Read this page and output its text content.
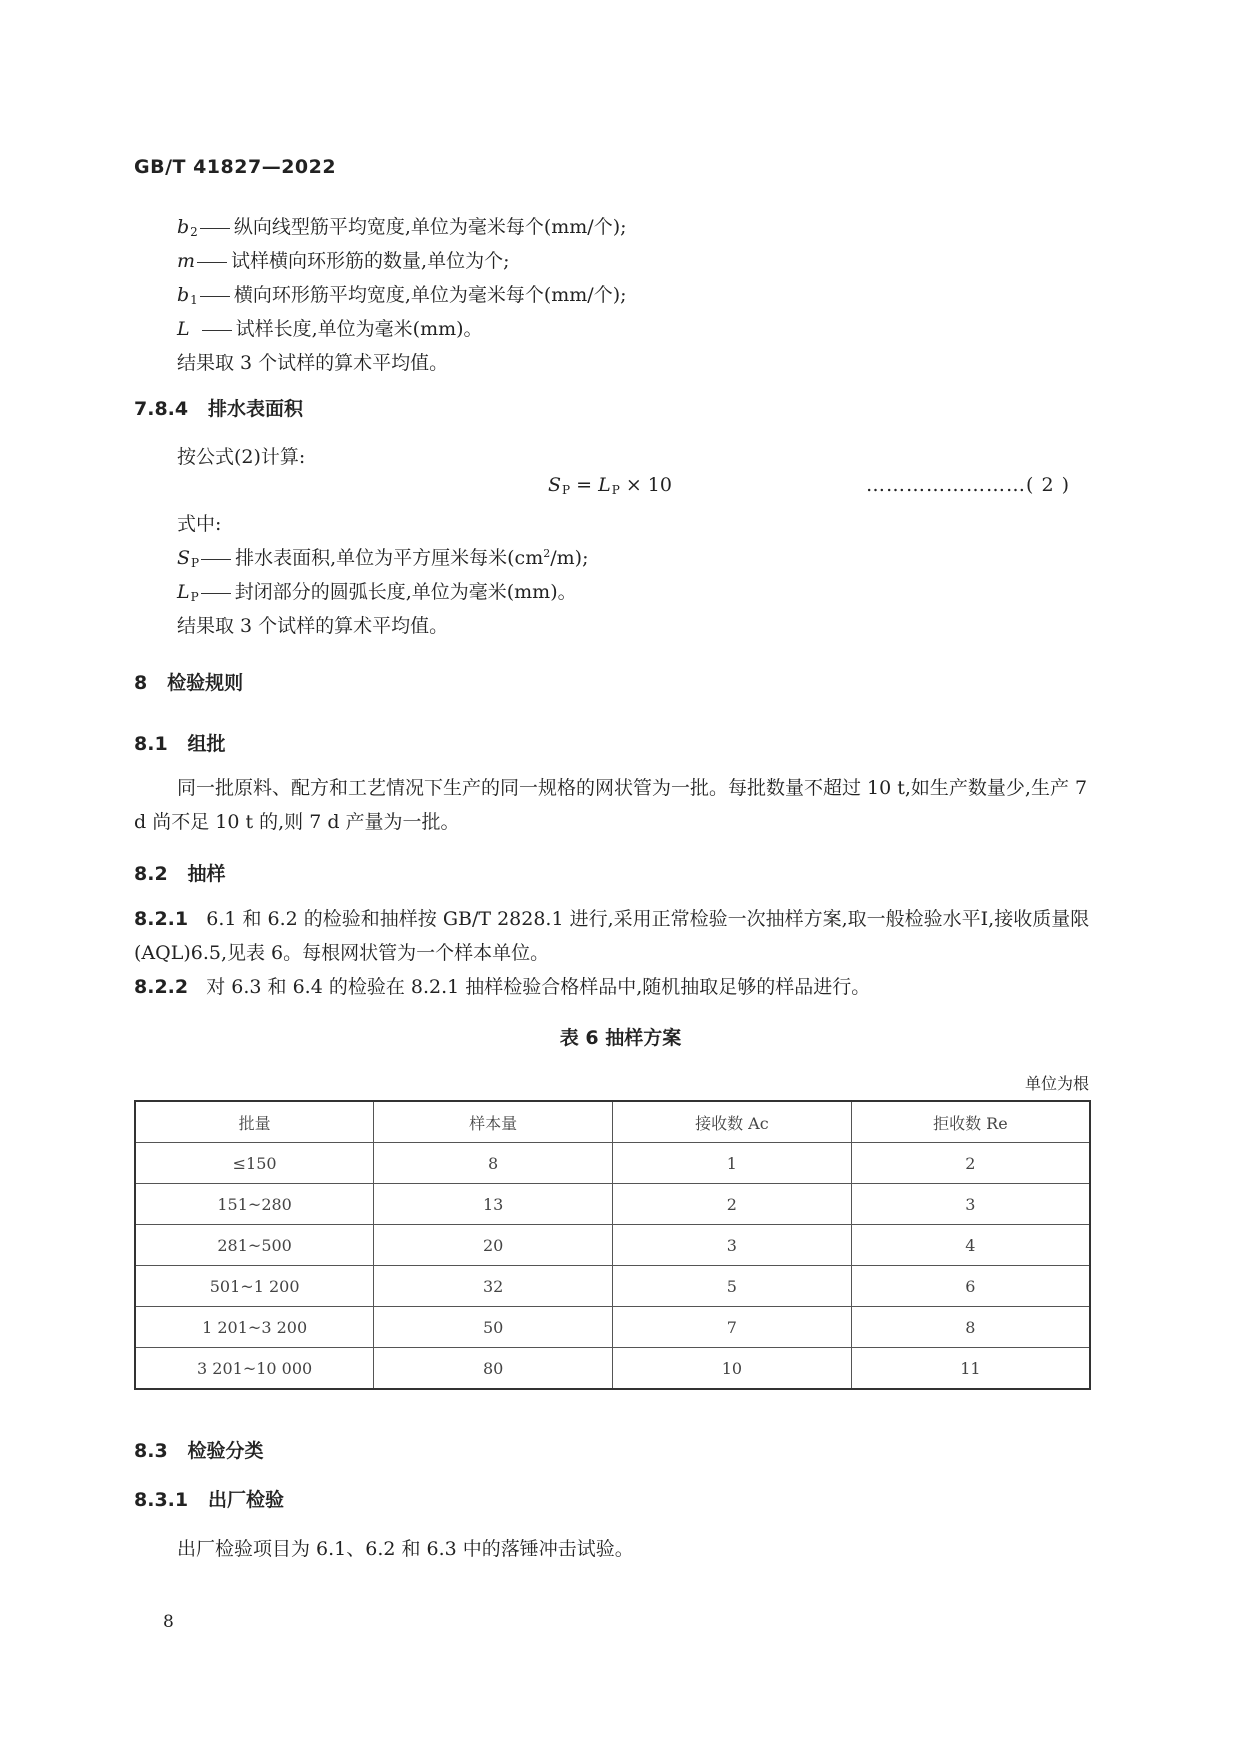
GB/T 41827—2022
$b_2$ 纵向线型筋平均宽度,单位为毫米每个(mm/个);
m 试样横向环形筋的数量,单位为个;
$b_1$ 横向环形筋平均宽度,单位为毫米每个(mm/个);
L 试样长度,单位为毫米(mm)。
结果取 3 个试样的算术平均值。
7.8.4 排水表面积
按公式(2)计算:
$S_P = L_P \times 10$	……………………( 2 )
式中:
$S_P$ 排水表面积,单位为平方厘米每米$(cm^2/m)$;
$L_P$ 封闭部分的圆弧长度,单位为毫米(mm)。
结果取 3 个试样的算术平均值。
8 检验规则
8.1 组批
同一批原料、配方和工艺情况下生产的同一规格的网状管为一批。每批数量不超过 10 t,如生产数量少,生产 7 d 尚不足 10 t 的,则 7 d 产量为一批。
8.2 抽样
8.2.1 6.1 和 6.2 的检验和抽样按 GB/T 2828.1 进行,采用正常检验一次抽样方案,取一般检验水平Ⅰ,接收质量限(AQL)6.5,见表 6。每根网状管为一个样本单位。
8.2.2 对 6.3 和 6.4 的检验在 8.2.1 抽样检验合格样品中,随机抽取足够的样品进行。
表 6 抽样方案
单位为根
批量	样本量	接收数 Ac	拒收数 Re
≤150	8	1	2
151~280	13	2	3
281~500	20	3	4
501~1 200	32	5	6
1 201~3 200	50	7	8
3 201~10 000	80	10	11
8.3 检验分类
8.3.1 出厂检验
出厂检验项目为 6.1、6.2 和 6.3 中的落锤冲击试验。
8
